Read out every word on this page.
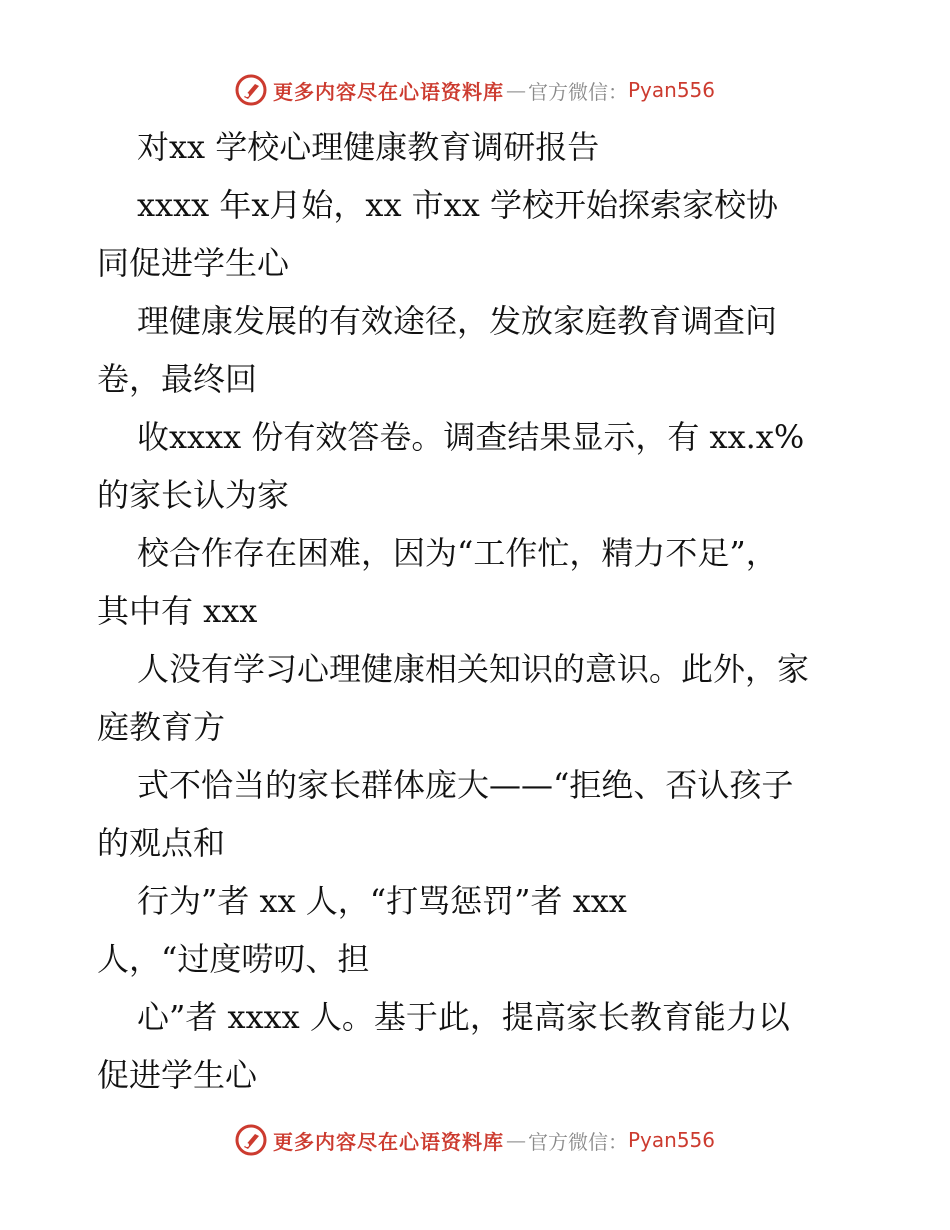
更多内容尽在心语资料库 — 官方微信： Pyan556
对xx 学校心理健康教育调研报告
xxxx 年x月始，xx 市xx 学校开始探索家校协
同促进学生心
理健康发展的有效途径，发放家庭教育调查问
卷，最终回
收xxxx 份有效答卷。调查结果显示，有 xx.x%
的家长认为家
校合作存在困难，因为“工作忙，精力不足”，
其中有 xxx
人没有学习心理健康相关知识的意识。此外，家
庭教育方
式不恰当的家长群体庞大——“拒绝、否认孩子
的观点和
行为”者 xx 人，“打骂惩罚”者 xxx
人，“过度唠叨、担
心”者 xxxx 人。基于此，提高家长教育能力以
促进学生心
更多内容尽在心语资料库 — 官方微信： Pyan556
